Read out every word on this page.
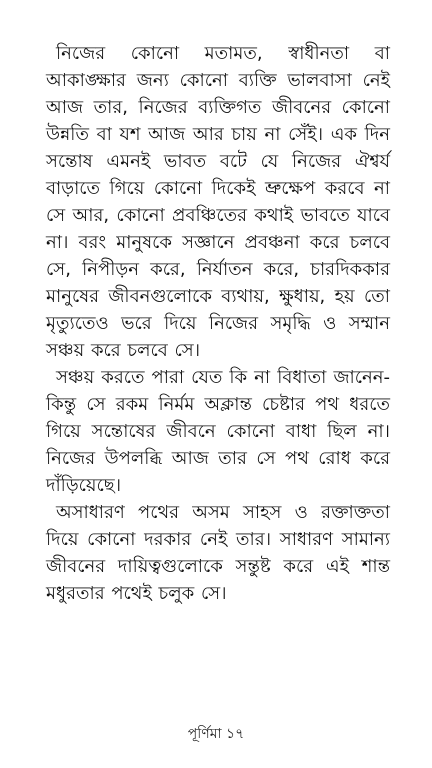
নিজের কোনো মতামত, স্বাধীনতা বা আকাঙ্ক্ষার জন্য কোনো ব্যক্তি ভালবাসা নেই আজ তার, নিজের ব্যক্তিগত জীবনের কোনো উন্নতি বা যশ আজ আর চায় না সেঁই। এক দিন সন্তোষ এমনই ভাবত বটে যে নিজের ঐশ্বর্য বাড়াতে গিয়ে কোনো দিকেই ভ্রুক্ষেপ করবে না সে আর, কোনো প্রবঞ্চিতের কথাই ভাবতে যাবে না। বরং মানুষকে সজ্ঞানে প্রবঞ্চনা করে চলবে সে, নিপীড়ন করে, নির্যাতন করে, চারদিককার মানুষের জীবনগুলোকে ব্যথায়, ক্ষুধায়, হয় তো মৃত্যুতেও ভরে দিয়ে নিজের সমৃদ্ধি ও সম্মান সঞ্চয় করে চলবে সে।

সঞ্চয় করতে পারা যেত কি না বিধাতা জানেন- কিন্তু সে রকম নির্মম অক্লান্ত চেষ্টার পথ ধরতে গিয়ে সন্তোষের জীবনে কোনো বাধা ছিল না। নিজের উপলব্ধি আজ তার সে পথ রোধ করে দাঁড়িয়েছে।

অসাধারণ পথের অসম সাহস ও রক্তাক্ততা দিয়ে কোনো দরকার নেই তার। সাধারণ সামান্য জীবনের দায়িত্বগুলোকে সন্তুষ্ট করে এই শান্ত মধুরতার পথেই চলুক সে।

পূর্ণিমা ১৭
